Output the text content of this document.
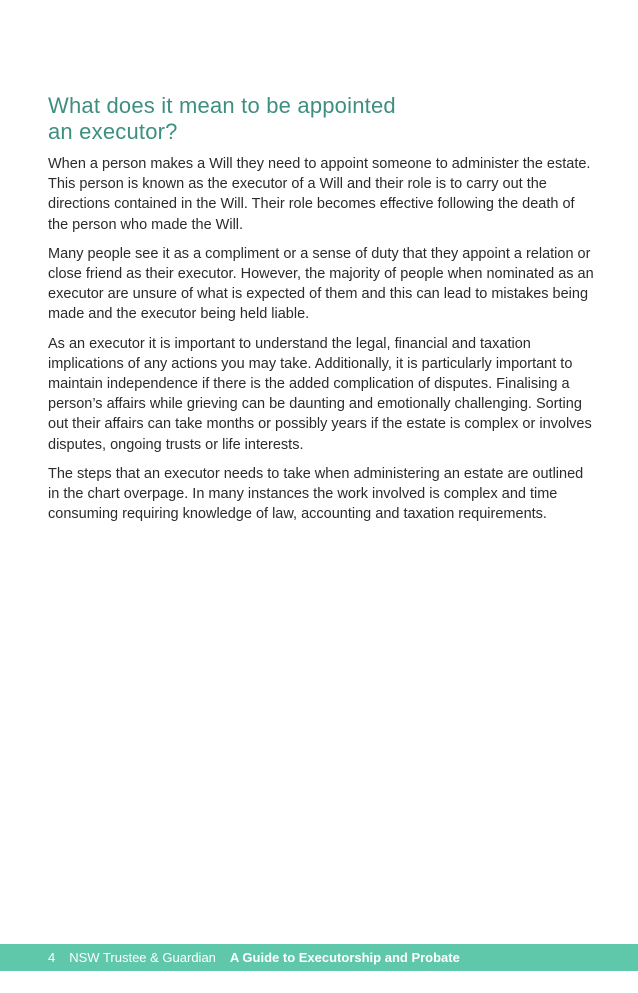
What does it mean to be appointed
an executor?

When a person makes a Will they need to appoint someone to administer the estate. This person is known as the executor of a Will and their role is to carry out the directions contained in the Will. Their role becomes effective following the death of the person who made the Will.

Many people see it as a compliment or a sense of duty that they appoint a relation or close friend as their executor. However, the majority of people when nominated as an executor are unsure of what is expected of them and this can lead to mistakes being made and the executor being held liable.

As an executor it is important to understand the legal, financial and taxation implications of any actions you may take. Additionally, it is particularly important to maintain independence if there is the added complication of disputes. Finalising a person’s affairs while grieving can be daunting and emotionally challenging. Sorting out their affairs can take months or possibly years if the estate is complex or involves disputes, ongoing trusts or life interests.

The steps that an executor needs to take when administering an estate are outlined in the chart overpage. In many instances the work involved is complex and time consuming requiring knowledge of law, accounting and taxation requirements.

4 NSW Trustee & Guardian A Guide to Executorship and Probate
